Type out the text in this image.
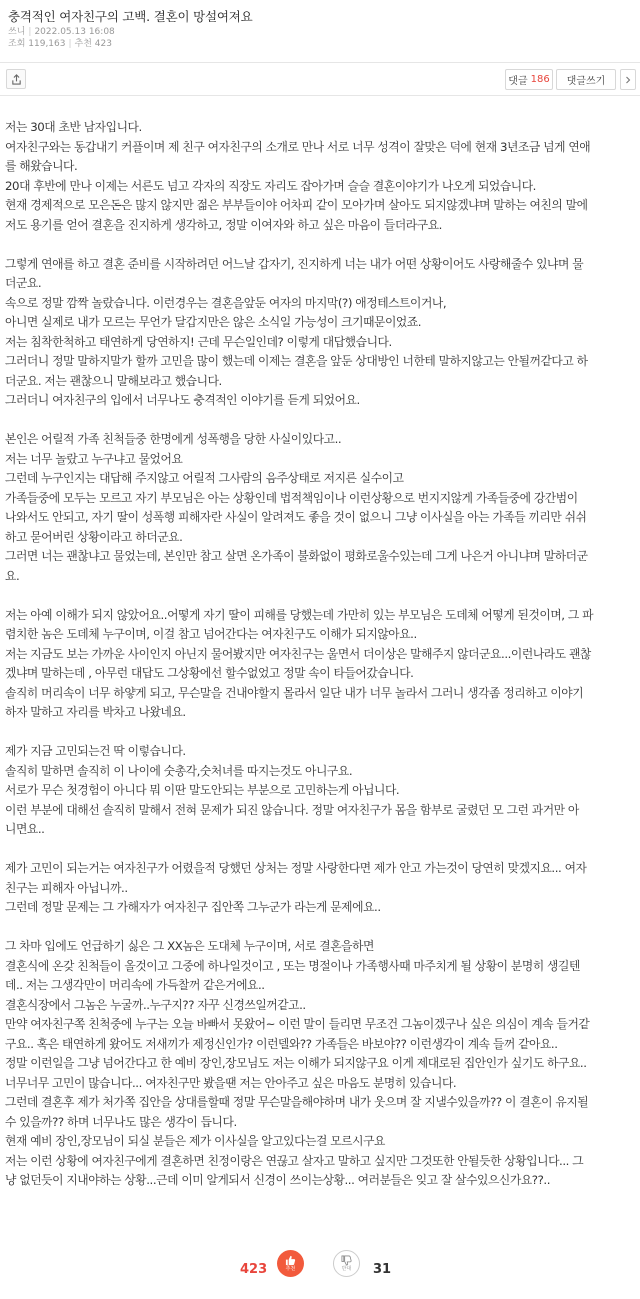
충격적인 여자친구의 고백. 결혼이 망설여져요
쓰니 | 2022.05.13 16:08
조회 119,163 | 추천 423
댓글 186	댓글쓰기
저는 30대 초반 남자입니다.
여자친구와는 동갑내기 커플이며 제 친구 여자친구의 소개로 만나 서로 너무 성격이 잘맞은 덕에 현재 3년조금 넘게 연애
를 해왔습니다.
20대 후반에 만나 이제는 서른도 넘고 각자의 직장도 자리도 잡아가며 슬슬 결혼이야기가 나오게 되었습니다.
현재 경제적으로 모은돈은 많지 않지만 젊은 부부들이야 어차피 같이 모아가며 살아도 되지않겠냐며 말하는 여친의 말에
저도 용기를 얻어 결혼을 진지하게 생각하고, 정말 이여자와 하고 싶은 마음이 들더라구요.
그렇게 연애를 하고 결혼 준비를 시작하려던 어느날 갑자기, 진지하게 너는 내가 어떤 상황이어도 사랑해줄수 있냐며 물
더군요.
속으로 정말 깜짝 놀랐습니다. 이런경우는 결혼을앞둔 여자의 마지막(?) 애정테스트이거나,
아니면 실제로 내가 모르는 무언가 달갑지만은 않은 소식일 가능성이 크기때문이었죠.
저는 침착한척하고 태연하게 당연하지! 근데 무슨일인데? 이렇게 대답했습니다.
그러더니 정말 말하지말가 할까 고민을 많이 했는데 이제는 결혼을 앞둔 상대방인 너한테 말하지않고는 안될꺼같다고 하
더군요. 저는 괜찮으니 말해보라고 했습니다.
그러더니 여자친구의 입에서 너무나도 충격적인 이야기를 듣게 되었어요.
본인은 어릴적 가족 친척들중 한명에게 성폭행을 당한 사실이있다고..
저는 너무 놀랐고 누구냐고 물었어요
그런데 누구인지는 대답해 주지않고 어릴적 그사람의 음주상태로 저지른 실수이고
가족들중에 모두는 모르고 자기 부모님은 아는 상황인데 법적책임이나 이런상황으로 번지지않게 가족들중에 강간범이
나와서도 안되고, 자기 딸이 성폭행 피해자란 사실이 알려져도 좋을 것이 없으니 그냥 이사실을 아는 가족들 끼리만 쉬쉬
하고 묻어버린 상황이라고 하더군요.
그러면 너는 괜찮냐고 물었는데, 본인만 참고 살면 온가족이 불화없이 평화로울수있는데 그게 나은거 아니냐며 말하더군
요.
저는 아예 이해가 되지 않았어요..어떻게 자기 딸이 피해를 당했는데 가만히 있는 부모님은 도데체 어떻게 된것이며, 그 파
렴치한 놈은 도데체 누구이며, 이걸 참고 넘어간다는 여자친구도 이해가 되지않아요..
저는 지금도 보는 가까운 사이인지 아닌지 물어봤지만 여자친구는 울면서 더이상은 말해주지 않더군요...이런나라도 괜찮
겠냐며 말하는데 , 아무런 대답도 그상황에선 할수없었고 정말 속이 타들어갔습니다.
솔직히 머리속이 너무 하얗게 되고, 무슨말을 건내야할지 몰라서 일단 내가 너무 놀라서 그러니 생각좀 정리하고 이야기
하자 말하고 자리를 박차고 나왔네요.
제가 지금 고민되는건 딱 이렇습니다.
솔직히 말하면 솔직히 이 나이에 숫총각,숫처녀를 따지는것도 아니구요.
서로가 무슨 첫경험이 아니다 뭐 이딴 말도안되는 부분으로 고민하는게 아닙니다.
이런 부분에 대해선 솔직히 말해서 전혀 문제가 되진 않습니다. 정말 여자친구가 몸을 함부로 굴렸던 모 그런 과거만 아
니면요..
제가 고민이 되는거는 여자친구가 어렸을적 당했던 상처는 정말 사랑한다면 제가 안고 가는것이 당연히 맞겠지요... 여자
친구는 피해자 아닙니까..
그런데 정말 문제는 그 가해자가 여자친구 집안쪽 그누군가 라는게 문제에요..
그 차마 입에도 언급하기 싫은 그 XX놈은 도대체 누구이며, 서로 결혼을하면
결혼식에 온갖 친척들이 올것이고 그중에 하나일것이고 , 또는 명절이나 가족행사때 마주치게 될 상황이 분명히 생길텐
데.. 저는 그생각만이 머리속에 가득찰꺼 같은거에요..
결혼식장에서 그놈은 누굴까..누구지?? 자꾸 신경쓰일꺼같고..
만약 여자친구쪽 친척중에 누구는 오늘 바빠서 못왔어~ 이런 말이 들리면 무조건 그놈이겠구나 싶은 의심이 계속 들거같
구요.. 혹은 태연하게 왔어도 저새끼가 제정신인가? 이런델와?? 가족들은 바보야?? 이런생각이 계속 들꺼 같아요..
정말 이런일을 그냥 넘어간다고 한 예비 장인,장모님도 저는 이해가 되지않구요 이게 제대로된 집안인가 싶기도 하구요..
너무너무 고민이 많습니다... 여자친구만 봤을땐 저는 안아주고 싶은 마음도 분명히 있습니다.
그런데 결혼후 제가 처가쪽 집안을 상대를할때 정말 무슨말을해야하며 내가 웃으며 잘 지낼수있을까?? 이 결혼이 유지될
수 있을까?? 하며 너무나도 많은 생각이 듭니다.
현재 예비 장인,장모님이 되실 분들은 제가 이사실을 알고있다는걸 모르시구요
저는 이런 상황에 여자친구에게 결혼하면 친정이랑은 연끊고 살자고 말하고 싶지만 그것또한 안될듯한 상황입니다... 그
냥 없던듯이 지내야하는 상황...근데 이미 알게되서 신경이 쓰이는상황... 여러분들은 잊고 잘 살수있으신가요??..
423	추천	반대 31
